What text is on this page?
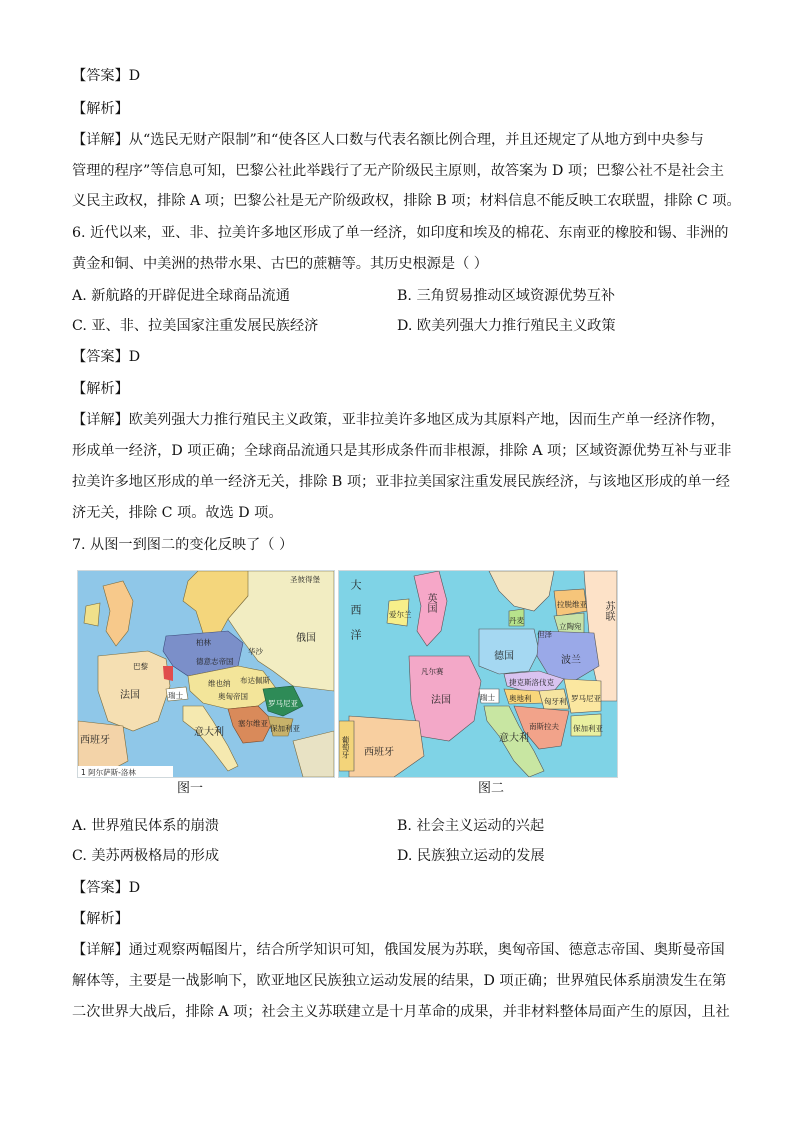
【答案】D
【解析】
【详解】从“选民无财产限制”和“使各区人口数与代表名额比例合理，并且还规定了从地方到中央参与
管理的程序”等信息可知，巴黎公社此举践行了无产阶级民主原则，故答案为 D 项；巴黎公社不是社会主
义民主政权，排除 A 项；巴黎公社是无产阶级政权，排除 B 项；材料信息不能反映工农联盟，排除 C 项。
6. 近代以来，亚、非、拉美许多地区形成了单一经济，如印度和埃及的棉花、东南亚的橡胶和锡、非洲的
黄金和铜、中美洲的热带水果、古巴的蔗糖等。其历史根源是（ ）
A. 新航路的开辟促进全球商品流通	B. 三角贸易推动区域资源优势互补
C. 亚、非、拉美国家注重发展民族经济	D. 欧美列强大力推行殖民主义政策
【答案】D
【解析】
【详解】欧美列强大力推行殖民主义政策，亚非拉美许多地区成为其原料产地，因而生产单一经济作物，
形成单一经济，D 项正确；全球商品流通只是其形成条件而非根源，排除 A 项；区域资源优势互补与亚非
拉美许多地区形成的单一经济无关，排除 B 项；亚非拉美国家注重发展民族经济，与该地区形成的单一经
济无关，排除 C 项。故选 D 项。
7. 从图一到图二的变化反映了（ ）
圣彼得堡
俄国
柏林
华沙
德意志帝国
巴黎
法国
维也纳
奥匈帝国
瑞士
布达佩斯
罗马尼亚
塞尔维亚
保加利亚
意大利
西班牙
1 阿尔萨斯-洛林
图一
大西洋	爱尔兰
英国
丹麦
拉脱维亚
立陶宛
但泽
德国	波兰
苏联
凡尔赛
法国
捷克斯洛伐克
奥地利 匈牙利
瑞士	罗马尼亚
南斯拉夫 保加利亚
意大利
西班牙
葡萄牙
图二
A. 世界殖民体系的崩溃	B. 社会主义运动的兴起
C. 美苏两极格局的形成	D. 民族独立运动的发展
【答案】D
【解析】
【详解】通过观察两幅图片，结合所学知识可知，俄国发展为苏联，奥匈帝国、德意志帝国、奥斯曼帝国
解体等，主要是一战影响下，欧亚地区民族独立运动发展的结果，D 项正确；世界殖民体系崩溃发生在第
二次世界大战后，排除 A 项；社会主义苏联建立是十月革命的成果，并非材料整体局面产生的原因，且社
